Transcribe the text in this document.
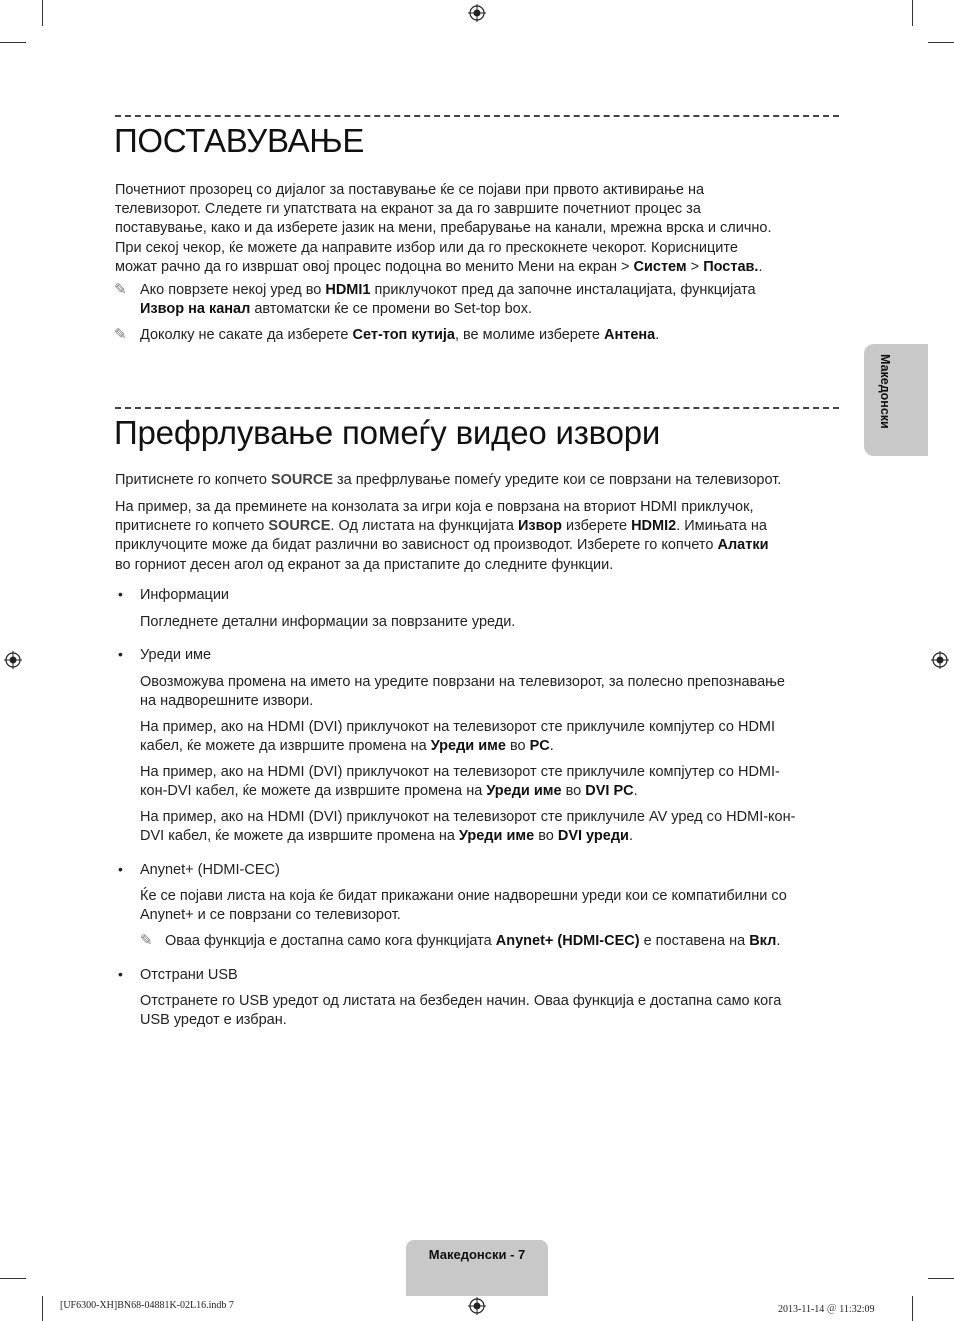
ПОСТАВУВАЊЕ
Почетниот прозорец со дијалог за поставување ќе се појави при првото активирање на
телевизорот. Следете ги упатствата на екранот за да го завршите почетниот процес за
поставување, како и да изберете јазик на мени, пребарување на канали, мрежна врска и слично.
При секој чекор, ќе можете да направите избор или да го прескокнете чекорот. Корисниците
можат рачно да го извршат овој процес подоцна во менито Мени на екран > Систем > Постав..
✎ Ако поврзете некој уред во HDMI1 приклучокот пред да започне инсталацијата, функцијата
Извор на канал автоматски ќе се промени во Set-top box.
✎ Доколку не сакате да изберете Сет-топ кутија, ве молиме изберете Антена.
Префрлување помеѓу видео извори
Притиснете го копчето SOURCE за префрлување помеѓу уредите кои се поврзани на телевизорот.
На пример, за да преминете на конзолата за игри која е поврзана на вториот HDMI приклучок,
притиснете го копчето SOURCE. Од листата на функцијата Извор изберете HDMI2. Имињата на
приклучоците може да бидат различни во зависност од производот. Изберете го копчето Алатки
во горниот десен агол од екранот за да пристапите до следните функции.
• Информации
Погледнете детални информации за поврзаните уреди.
• Уреди име
Овозможува промена на името на уредите поврзани на телевизорот, за полесно препознавање
на надворешните извори.
На пример, ако на HDMI (DVI) приклучокот на телевизорот сте приклучиле компјутер со HDMI
кабел, ќе можете да извршите промена на Уреди име во PC.
На пример, ако на HDMI (DVI) приклучокот на телевизорот сте приклучиле компјутер со HDMI-
кон-DVI кабел, ќе можете да извршите промена на Уреди име во DVI PC.
На пример, ако на HDMI (DVI) приклучокот на телевизорот сте приклучиле AV уред со HDMI-кон-
DVI кабел, ќе можете да извршите промена на Уреди име во DVI уреди.
• Anynet+ (HDMI-CEC)
Ќе се појави листа на која ќе бидат прикажани оние надворешни уреди кои се компатибилни со
Anynet+ и се поврзани со телевизорот.
✎ Оваа функција е достапна само кога функцијата Anynet+ (HDMI-CEC) е поставена на Вкл.
• Отстрани USB
Отстранете го USB уредот од листата на безбеден начин. Оваа функција е достапна само кога
USB уредот е избран.
Македонски
Македонски - 7
[UF6300-XH]BN68-04881K-02L16.indb 7	2013-11-14 ＠ 11:32:09
